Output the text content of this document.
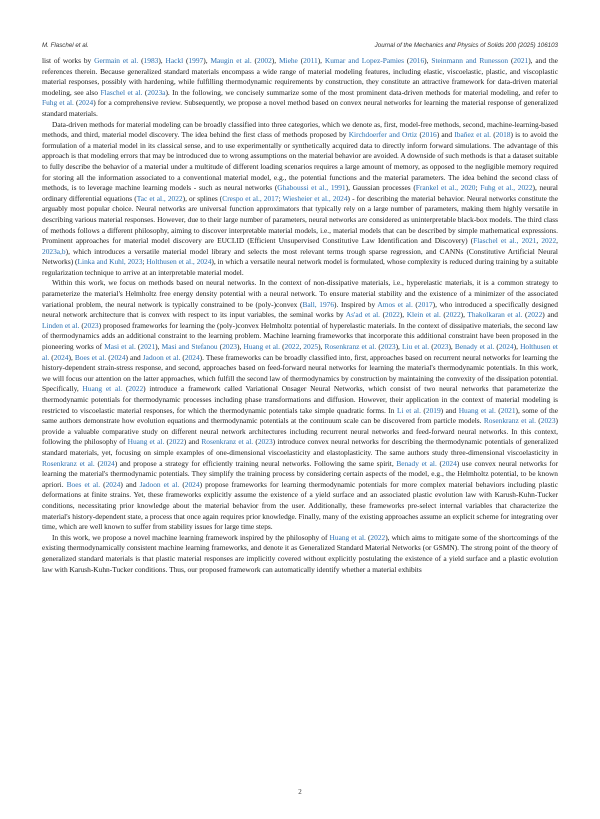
M. Flaschel et al.	Journal of the Mechanics and Physics of Solids 200 (2025) 106103

list of works by Germain et al. (1983), Hackl (1997), Maugin et al. (2002), Miehe (2011), Kumar and Lopez-Pamies (2016), Steinmann and Runesson (2021), and the references therein. Because generalized standard materials encompass a wide range of material modeling features, including elastic, viscoelastic, plastic, and viscoplastic material responses, possibly with hardening, while fulfilling thermodynamic requirements by construction, they constitute an attractive framework for data-driven material modeling, see also Flaschel et al. (2023a). In the following, we concisely summarize some of the most prominent data-driven methods for material modeling, and refer to Fuhg et al. (2024) for a comprehensive review. Subsequently, we propose a novel method based on convex neural networks for learning the material response of generalized standard materials.

Data-driven methods for material modeling can be broadly classified into three categories, which we denote as, first, model-free methods, second, machine-learning-based methods, and third, material model discovery. The idea behind the first class of methods proposed by Kirchdoerfer and Ortiz (2016) and Ibañez et al. (2018) is to avoid the formulation of a material model in its classical sense, and to use experimentally or synthetically acquired data to directly inform forward simulations. The advantage of this approach is that modeling errors that may be introduced due to wrong assumptions on the material behavior are avoided. A downside of such methods is that a dataset suitable to fully describe the behavior of a material under a multitude of different loading scenarios requires a large amount of memory, as opposed to the negligible memory required for storing all the information associated to a conventional material model, e.g., the potential functions and the material parameters. The idea behind the second class of methods, is to leverage machine learning models - such as neural networks (Ghaboussi et al., 1991), Gaussian processes (Frankel et al., 2020; Fuhg et al., 2022), neural ordinary differential equations (Tac et al., 2022), or splines (Crespo et al., 2017; Wiesheier et al., 2024) - for describing the material behavior. Neural networks constitute the arguably most popular choice. Neural networks are universal function approximators that typically rely on a large number of parameters, making them highly versatile in describing various material responses. However, due to their large number of parameters, neural networks are considered as uninterpretable black-box models. The third class of methods follows a different philosophy, aiming to discover interpretable material models, i.e., material models that can be described by simple mathematical expressions. Prominent approaches for material model discovery are EUCLID (Efficient Unsupervised Constitutive Law Identification and Discovery) (Flaschel et al., 2021, 2022, 2023a,b), which introduces a versatile material model library and selects the most relevant terms trough sparse regression, and CANNs (Constitutive Artificial Neural Networks) (Linka and Kuhl, 2023; Holthusen et al., 2024), in which a versatile neural network model is formulated, whose complexity is reduced during training by a suitable regularization technique to arrive at an interpretable material model.

Within this work, we focus on methods based on neural networks. In the context of non-dissipative materials, i.e., hyperelastic materials, it is a common strategy to parameterize the material's Helmholtz free energy density potential with a neural network. To ensure material stability and the existence of a minimizer of the associated variational problem, the neural network is typically constrained to be (poly-)convex (Ball, 1976). Inspired by Amos et al. (2017), who introduced a specifically designed neural network architecture that is convex with respect to its input variables, the seminal works by As'ad et al. (2022), Klein et al. (2022), Thakolkaran et al. (2022) and Linden et al. (2023) proposed frameworks for learning the (poly-)convex Helmholtz potential of hyperelastic materials. In the context of dissipative materials, the second law of thermodynamics adds an additional constraint to the learning problem. Machine learning frameworks that incorporate this additional constraint have been proposed in the pioneering works of Masi et al. (2021), Masi and Stefanou (2023), Huang et al. (2022, 2025), Rosenkranz et al. (2023), Liu et al. (2023), Benady et al. (2024), Holthusen et al. (2024), Boes et al. (2024) and Jadoon et al. (2024). These frameworks can be broadly classified into, first, approaches based on recurrent neural networks for learning the history-dependent strain-stress response, and second, approaches based on feed-forward neural networks for learning the material's thermodynamic potentials. In this work, we will focus our attention on the latter approaches, which fulfill the second law of thermodynamics by construction by maintaining the convexity of the dissipation potential. Specifically, Huang et al. (2022) introduce a framework called Variational Onsager Neural Networks, which consist of two neural networks that parameterize the thermodynamic potentials for thermodynamic processes including phase transformations and diffusion. However, their application in the context of material modeling is restricted to viscoelastic material responses, for which the thermodynamic potentials take simple quadratic forms. In Li et al. (2019) and Huang et al. (2021), some of the same authors demonstrate how evolution equations and thermodynamic potentials at the continuum scale can be discovered from particle models. Rosenkranz et al. (2023) provide a valuable comparative study on different neural network architectures including recurrent neural networks and feed-forward neural networks. In this context, following the philosophy of Huang et al. (2022) and Rosenkranz et al. (2023) introduce convex neural networks for describing the thermodynamic potentials of generalized standard materials, yet, focusing on simple examples of one-dimensional viscoelasticity and elastoplasticity. The same authors study three-dimensional viscoelasticity in Rosenkranz et al. (2024) and propose a strategy for efficiently training neural networks. Following the same spirit, Benady et al. (2024) use convex neural networks for learning the material's thermodynamic potentials. They simplify the training process by considering certain aspects of the model, e.g., the Helmholtz potential, to be known apriori. Boes et al. (2024) and Jadoon et al. (2024) propose frameworks for learning thermodynamic potentials for more complex material behaviors including plastic deformations at finite strains. Yet, these frameworks explicitly assume the existence of a yield surface and an associated plastic evolution law with Karush-Kuhn-Tucker conditions, necessitating prior knowledge about the material behavior from the user. Additionally, these frameworks pre-select internal variables that characterize the material's history-dependent state, a process that once again requires prior knowledge. Finally, many of the existing approaches assume an explicit scheme for integrating over time, which are well known to suffer from stability issues for large time steps.

In this work, we propose a novel machine learning framework inspired by the philosophy of Huang et al. (2022), which aims to mitigate some of the shortcomings of the existing thermodynamically consistent machine learning frameworks, and denote it as Generalized Standard Material Networks (or GSMN). The strong point of the theory of generalized standard materials is that plastic material responses are implicitly covered without explicitly postulating the existence of a yield surface and a plastic evolution law with Karush-Kuhn-Tucker conditions. Thus, our proposed framework can automatically identify whether a material exhibits

2
